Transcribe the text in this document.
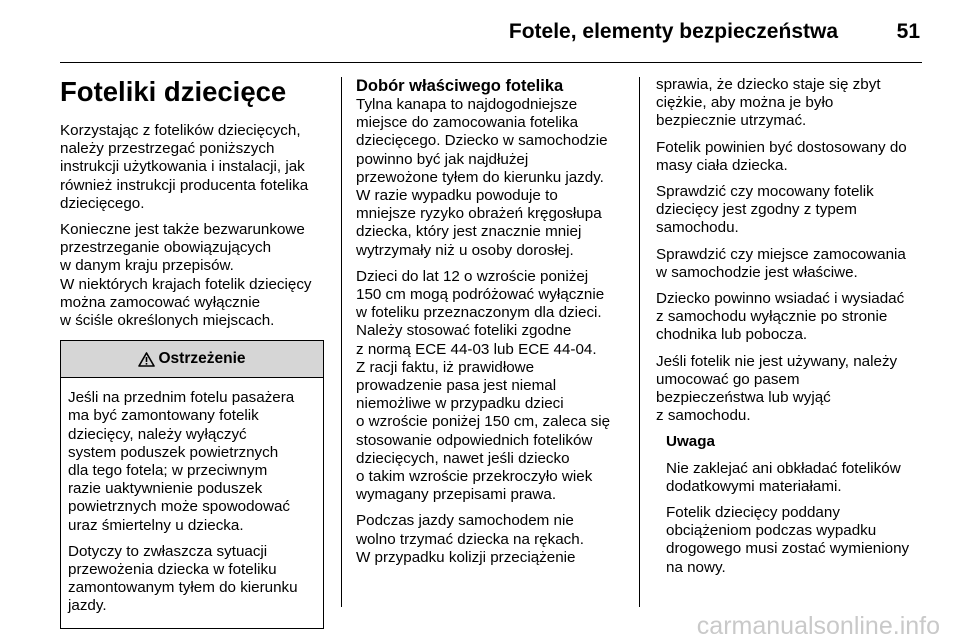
Fotele, elementy bezpieczeństwa	51
Foteliki dziecięce

Korzystając z fotelików dziecięcych,
należy przestrzegać poniższych
instrukcji użytkowania i instalacji, jak
również instrukcji producenta fotelika
dziecięcego.

Konieczne jest także bezwarunkowe
przestrzeganie obowiązujących
w danym kraju przepisów.
W niektórych krajach fotelik dziecięcy
można zamocować wyłącznie
w ściśle określonych miejscach.

Ostrzeżenie

Jeśli na przednim fotelu pasażera
ma być zamontowany fotelik
dziecięcy, należy wyłączyć
system poduszek powietrznych
dla tego fotela; w przeciwnym
razie uaktywnienie poduszek
powietrznych może spowodować
uraz śmiertelny u dziecka.

Dotyczy to zwłaszcza sytuacji
przewożenia dziecka w foteliku
zamontowanym tyłem do kierunku
jazdy.

Dobór właściwego fotelika

Tylna kanapa to najdogodniejsze
miejsce do zamocowania fotelika
dziecięcego. Dziecko w samochodzie
powinno być jak najdłużej
przewożone tyłem do kierunku jazdy.
W razie wypadku powoduje to
mniejsze ryzyko obrażeń kręgosłupa
dziecka, który jest znacznie mniej
wytrzymały niż u osoby dorosłej.

Dzieci do lat 12 o wzroście poniżej
150 cm mogą podróżować wyłącznie
w foteliku przeznaczonym dla dzieci.
Należy stosować foteliki zgodne
z normą ECE 44-03 lub ECE 44-04.
Z racji faktu, iż prawidłowe
prowadzenie pasa jest niemal
niemożliwe w przypadku dzieci
o wzroście poniżej 150 cm, zaleca się
stosowanie odpowiednich fotelików
dziecięcych, nawet jeśli dziecko
o takim wzroście przekroczyło wiek
wymagany przepisami prawa.

Podczas jazdy samochodem nie
wolno trzymać dziecka na rękach.
W przypadku kolizji przeciążenie

sprawia, że dziecko staje się zbyt
ciężkie, aby można je było
bezpiecznie utrzymać.

Fotelik powinien być dostosowany do
masy ciała dziecka.

Sprawdzić czy mocowany fotelik
dziecięcy jest zgodny z typem
samochodu.

Sprawdzić czy miejsce zamocowania
w samochodzie jest właściwe.

Dziecko powinno wsiadać i wysiadać
z samochodu wyłącznie po stronie
chodnika lub pobocza.

Jeśli fotelik nie jest używany, należy
umocować go pasem
bezpieczeństwa lub wyjąć
z samochodu.

Uwaga

Nie zaklejać ani obkładać fotelików
dodatkowymi materiałami.

Fotelik dziecięcy poddany
obciążeniom podczas wypadku
drogowego musi zostać wymieniony
na nowy.

carmanualsonline.info
